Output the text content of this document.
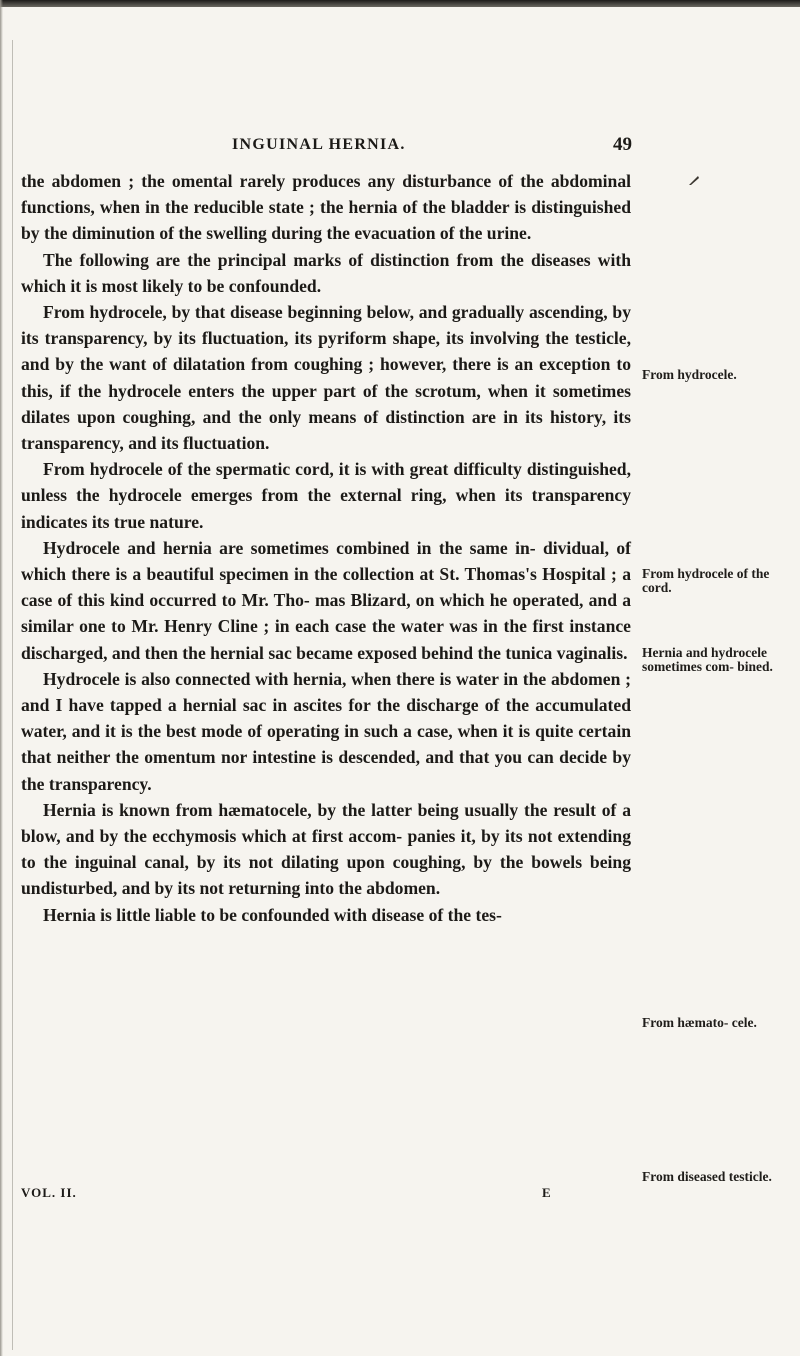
INGUINAL HERNIA.	49

the abdomen ; the omental rarely produces any disturbance of the abdominal functions, when in the reducible state ; the hernia of the bladder is distinguished by the diminution of the swelling during the evacuation of the urine.

The following are the principal marks of distinction from the diseases with which it is most likely to be confounded.

From hydrocele, by that disease beginning below, and gradually ascending, by its transparency, by its fluctuation, its pyriform shape, its involving the testicle, and by the want of dilatation from coughing ; however, there is an exception to this, if the hydrocele enters the upper part of the scrotum, when it sometimes dilates upon coughing, and the only means of distinction are in its history, its transparency, and its fluctuation.

From hydrocele of the spermatic cord, it is with great difficulty distinguished, unless the hydrocele emerges from the external ring, when its transparency indicates its true nature.

Hydrocele and hernia are sometimes combined in the same in- dividual, of which there is a beautiful specimen in the collection at St. Thomas's Hospital ; a case of this kind occurred to Mr. Tho- mas Blizard, on which he operated, and a similar one to Mr. Henry Cline ; in each case the water was in the first instance discharged, and then the hernial sac became exposed behind the tunica vaginalis.

Hydrocele is also connected with hernia, when there is water in the abdomen ; and I have tapped a hernial sac in ascites for the discharge of the accumulated water, and it is the best mode of operating in such a case, when it is quite certain that neither the omentum nor intestine is descended, and that you can decide by the transparency.

Hernia is known from hæmatocele, by the latter being usually the result of a blow, and by the ecchymosis which at first accom- panies it, by its not extending to the inguinal canal, by its not dilating upon coughing, by the bowels being undisturbed, and by its not returning into the abdomen.

Hernia is little liable to be confounded with disease of the tes-

From hydrocele.
From hydrocele of the cord.
Hernia and hydrocele sometimes com- bined.
From hæmato- cele.
From diseased testicle.
VOL. II.	E
